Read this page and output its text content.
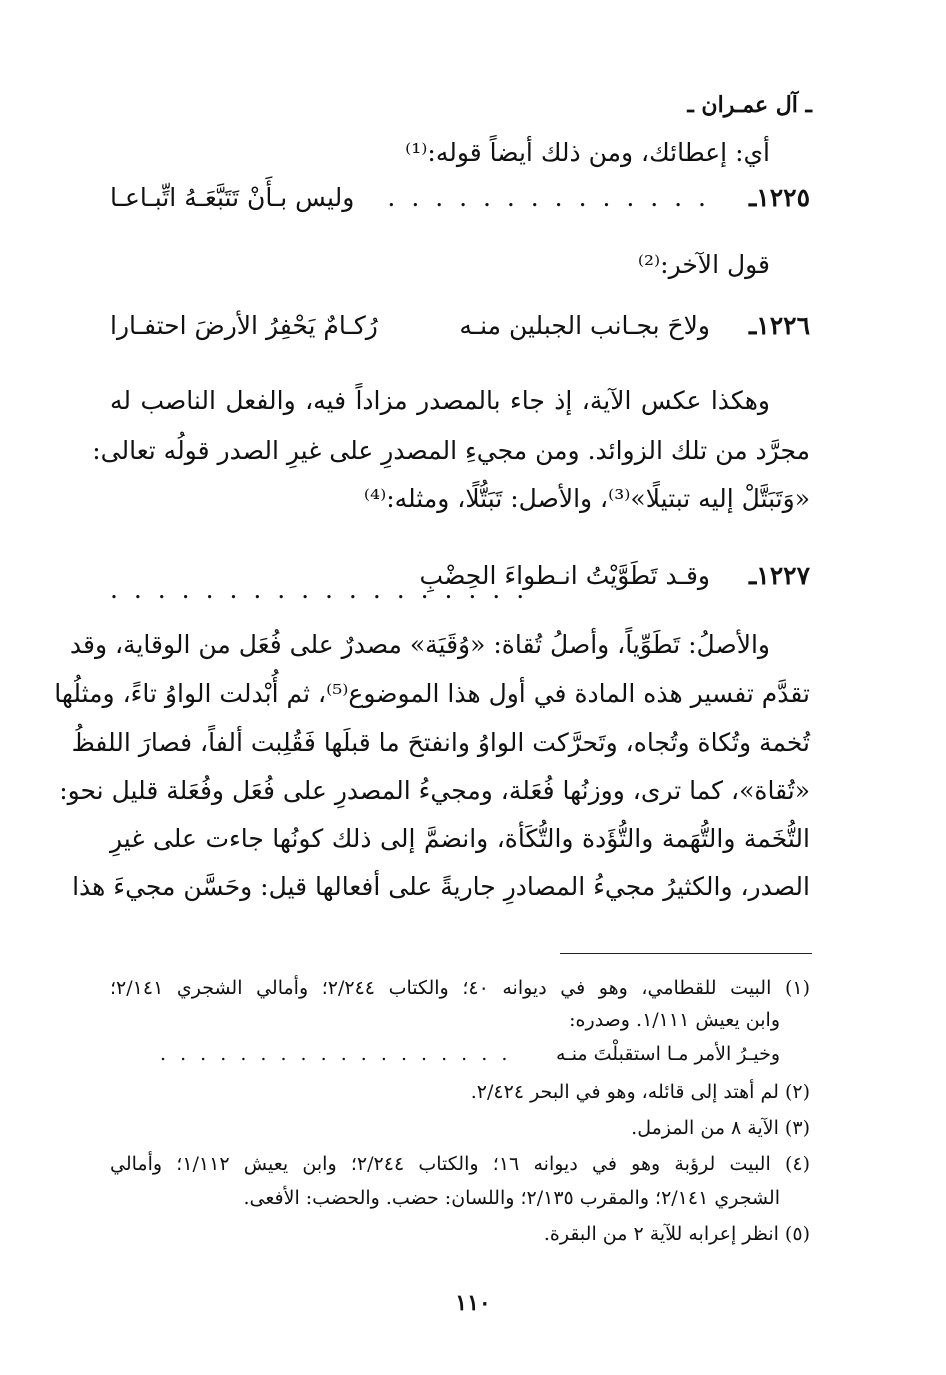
ـ آل عمـران ـ
أي: إعطائك، ومن ذلك أيضاً قوله:⁽¹⁾
١٢٢٥ـ
. . . . . . . . . . . . . .
وليس بـأَنْ تَتَبَّعَـهُ اتِّبـاعـا
قول الآخر:⁽²⁾
١٢٢٦ـ
ولاحَ بجـانب الجبلين منـه
رُكـامٌ يَحْفِرُ الأرضَ احتفـارا
وهكذا عكس الآية، إذ جاء بالمصدر مزاداً فيه، والفعل الناصب له
مجرَّد من تلك الزوائد. ومن مجيءِ المصدرِ على غيرِ الصدر قولُه تعالى:
«وَتَبَتَّلْ إليه تبتيلًا»⁽³⁾، والأصل: تَبَتُّلًا، ومثله:⁽⁴⁾
١٢٢٧ـ
وقـد تَطَوَّيْتُ انـطواءَ الحِضْبِ
. . . . . . . . . . . . . . . . . .
والأصلُ: تَطَوِّياً، وأصلُ تُقاة: «وُقَيَة» مصدرٌ على فُعَل من الوقاية، وقد
تقدَّم تفسير هذه المادة في أول هذا الموضوع⁽⁵⁾، ثم أُبْدلت الواوُ تاءً، ومثلُها
تُخمة وتُكاة وتُجاه، وتَحرَّكت الواوُ وانفتحَ ما قبلَها فَقُلِبت ألفاً، فصارَ اللفظُ
«تُقاة»، كما ترى، ووزنُها فُعَلة، ومجيءُ المصدرِ على فُعَل وفُعَلة قليل نحو:
التُّخَمة والتُّهَمة والتُّؤَدة والتُّكَأة، وانضمَّ إلى ذلك كونُها جاءت على غيرِ
الصدر، والكثيرُ مجيءُ المصادرِ جاريةً على أفعالها قيل: وحَسَّن مجيءَ هذا
(١) البيت للقطامي، وهو في ديوانه ٤٠؛ والكتاب ٢/٢٤٤؛ وأمالي الشجري ٢/١٤١؛
وابن يعيش ١/١١١. وصدره:
وخيـرُ الأمر مـا استقبلْتَ منـه
. . . . . . . . . . . . . . . . . .
(٢) لم أهتد إلى قائله، وهو في البحر ٢/٤٢٤.
(٣) الآية ٨ من المزمل.
(٤) البيت لرؤبة وهو في ديوانه ١٦؛ والكتاب ٢/٢٤٤؛ وابن يعيش ١/١١٢؛ وأمالي
الشجري ٢/١٤١؛ والمقرب ٢/١٣٥؛ واللسان: حضب. والحضب: الأفعى.
(٥) انظر إعرابه للآية ٢ من البقرة.
١١٠
